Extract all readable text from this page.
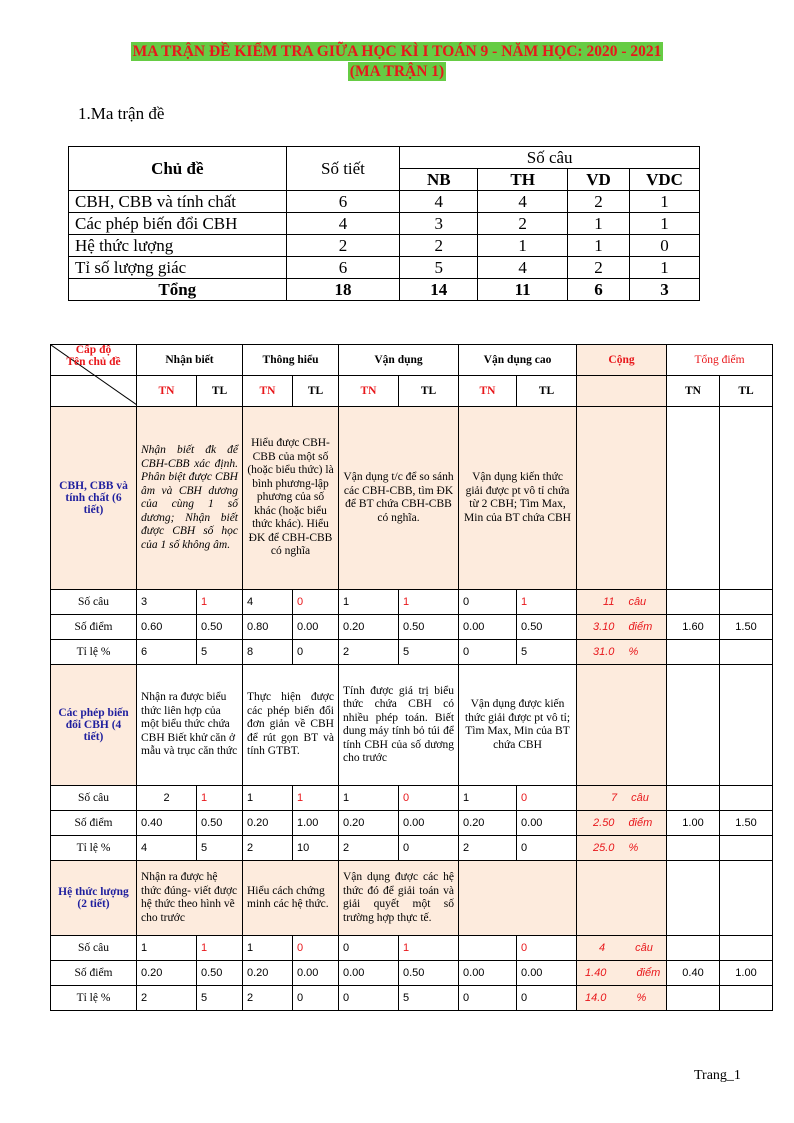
MA TRẬN ĐỀ KIỂM TRA GIỮA HỌC KÌ I TOÁN 9 - NĂM HỌC: 2020 - 2021
(MA TRẬN 1)
1.Ma trận đề
Chủ đề	Số tiết	Số câu			
		NB	TH	VD	VDC
CBH, CBB và tính chất	6	4	4	2	1
Các phép biến đổi CBH	4	3	2	1	1
Hệ thức lượng	2	2	1	1	0
Tỉ số lượng giác	6	5	4	2	1
Tổng	18	14	11	6	3
Cấp độ
Tên chủ đề	Nhận biết		Thông hiểu		Vận dụng		Vận dụng cao		Cộng	Tổng điểm	
	TN	TL	TN	TL	TN	TL	TN	TL		TN	TL
CBH, CBB và tính chất (6 tiết)	Nhận biết đk để CBH-CBB xác định. Phân biệt được CBH âm và CBH dương của cùng 1 số dương; Nhận biết được CBH số học của 1 số không âm.		Hiểu được CBH-CBB của một số (hoặc biểu thức) là bình phương-lập phương của số khác (hoặc biểu thức khác). Hiểu ĐK để CBH-CBB có nghĩa		Vận dụng t/c để so sánh các CBH-CBB, tìm ĐK để BT chứa CBH-CBB có nghĩa.		Vận dụng kiến thức giải được pt vô tỉ chứa từ 2 CBH; Tìm Max, Min của BT chứa CBH				
Số câu	3	1	4	0	1	1	0	1	11 câu		
Số điểm	0.60	0.50	0.80	0.00	0.20	0.50	0.00	0.50	3.10 điểm	1.60	1.50
Tỉ lệ %	6	5	8	0	2	5	0	5	31.0 %		
Các phép biến đổi CBH (4 tiết)	Nhận ra được biểu thức liên hợp của một biểu thức chứa CBH Biết khử căn ở mẫu và trục căn thức		Thực hiện được các phép biến đổi đơn giản về CBH để rút gọn BT và tính GTBT.		Tính được giá trị biểu thức chứa CBH có nhiều phép toán. Biết dung máy tính bỏ túi để tính CBH của số dương cho trước		Vận dụng được kiến thức giải được pt vô tỉ; Tìm Max, Min của BT chứa CBH				
Số câu	2	1	1	1	1	0	1	0	7 câu		
Số điểm	0.40	0.50	0.20	1.00	0.20	0.00	0.20	0.00	2.50 điểm	1.00	1.50
Tỉ lệ %	4	5	2	10	2	0	2	0	25.0 %		
Hệ thức lượng (2 tiết)	Nhận ra được hệ thức đúng- viết được hệ thức theo hình vẽ cho trước		Hiểu cách chứng minh các hệ thức.		Vận dụng được các hệ thức đó để giải toán và giải quyết một số trường hợp thực tế.						
Số câu	1	1	1	0	0	1		0	4 câu		
Số điểm	0.20	0.50	0.20	0.00	0.00	0.50	0.00	0.00	1.40 điểm	0.40	1.00
Tỉ lệ %	2	5	2	0	0	5	0	0	14.0 %		
Trang_1
